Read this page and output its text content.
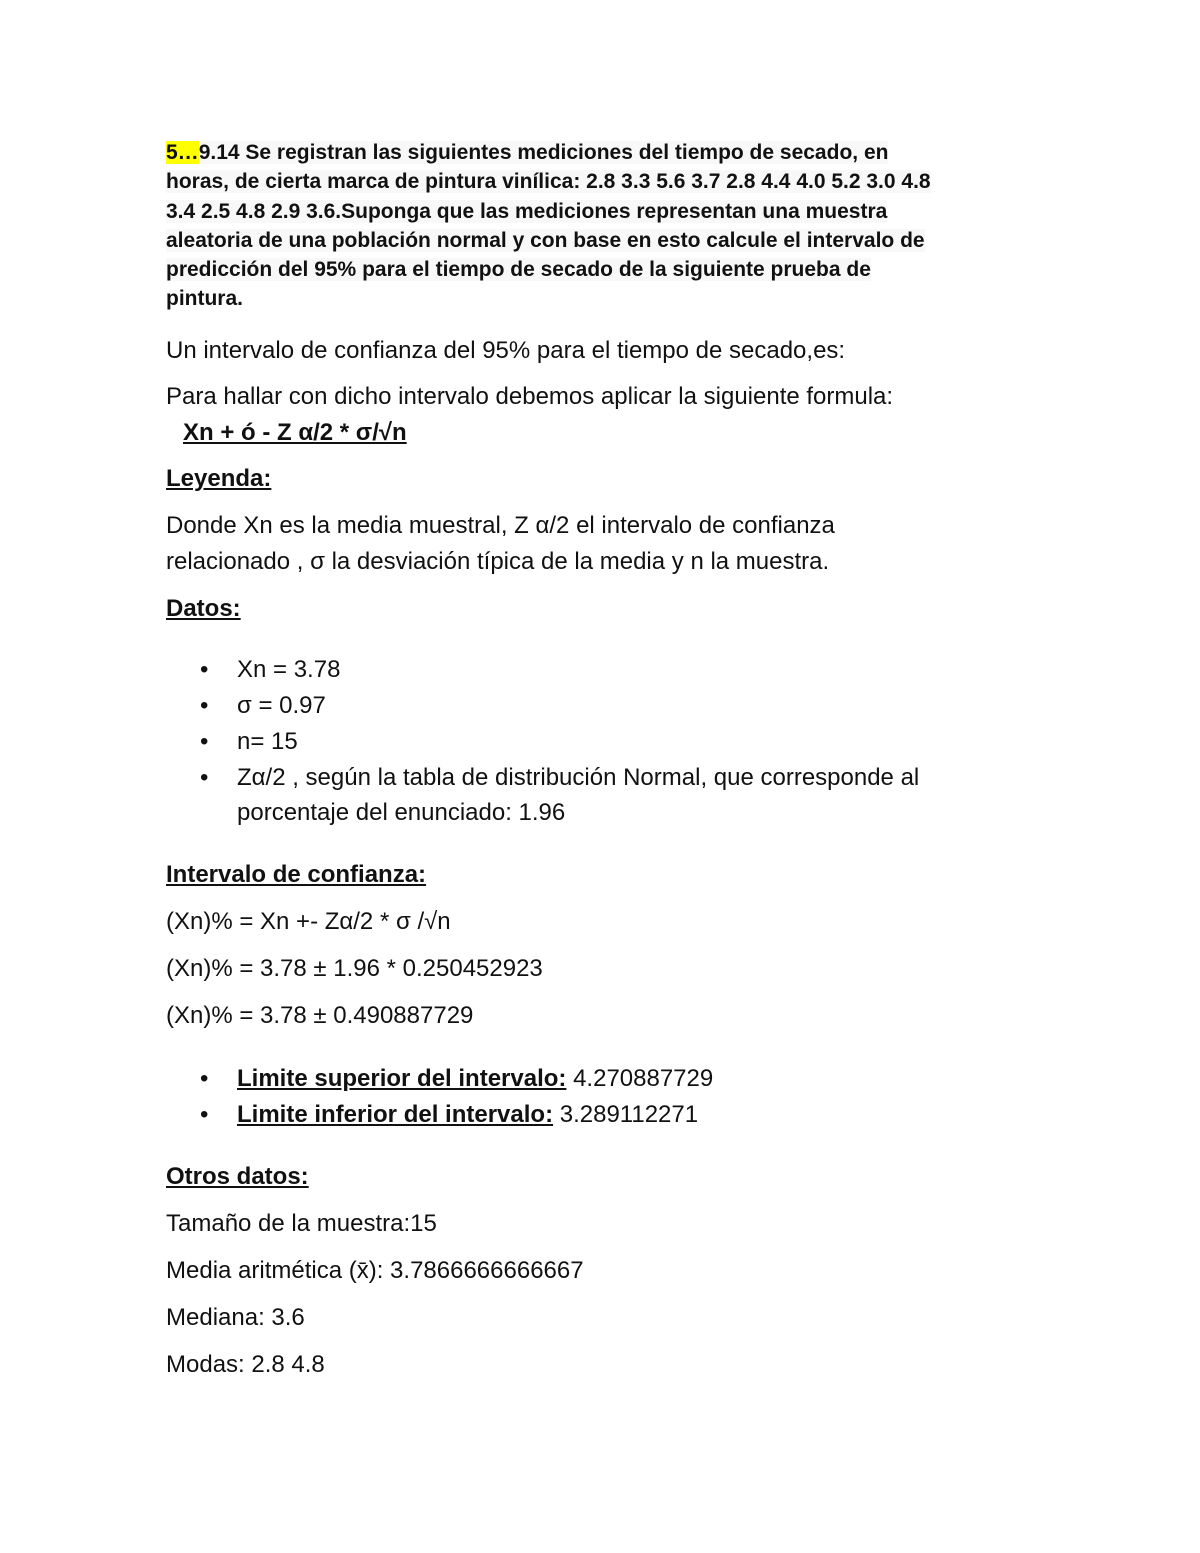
5…9.14 Se registran las siguientes mediciones del tiempo de secado, en
horas, de cierta marca de pintura vinílica: 2.8 3.3 5.6 3.7 2.8 4.4 4.0 5.2 3.0 4.8
3.4 2.5 4.8 2.9 3.6.Suponga que las mediciones representan una muestra
aleatoria de una población normal y con base en esto calcule el intervalo de
predicción del 95% para el tiempo de secado de la siguiente prueba de
pintura.

Un intervalo de confianza del 95% para el tiempo de secado,es:

Para hallar con dicho intervalo debemos aplicar la siguiente formula:

Xn + ó - Z α/2 * σ/√n

Leyenda:

Donde Xn es la media muestral, Z α/2 el intervalo de confianza

relacionado , σ la desviación típica de la media y n la muestra.

Datos:

• Xn = 3.78
• σ = 0.97
• n= 15
• Zα/2 , según la tabla de distribución Normal, que corresponde al porcentaje del enunciado: 1.96

Intervalo de confianza:

(Xn)% = Xn +- Zα/2 * σ /√n

(Xn)% = 3.78 ± 1.96 * 0.250452923

(Xn)% = 3.78 ± 0.490887729

• Limite superior del intervalo: 4.270887729
• Limite inferior del intervalo: 3.289112271

Otros datos:

Tamaño de la muestra:15

Media aritmética (x̄): 3.7866666666667

Mediana: 3.6

Modas: 2.8 4.8
